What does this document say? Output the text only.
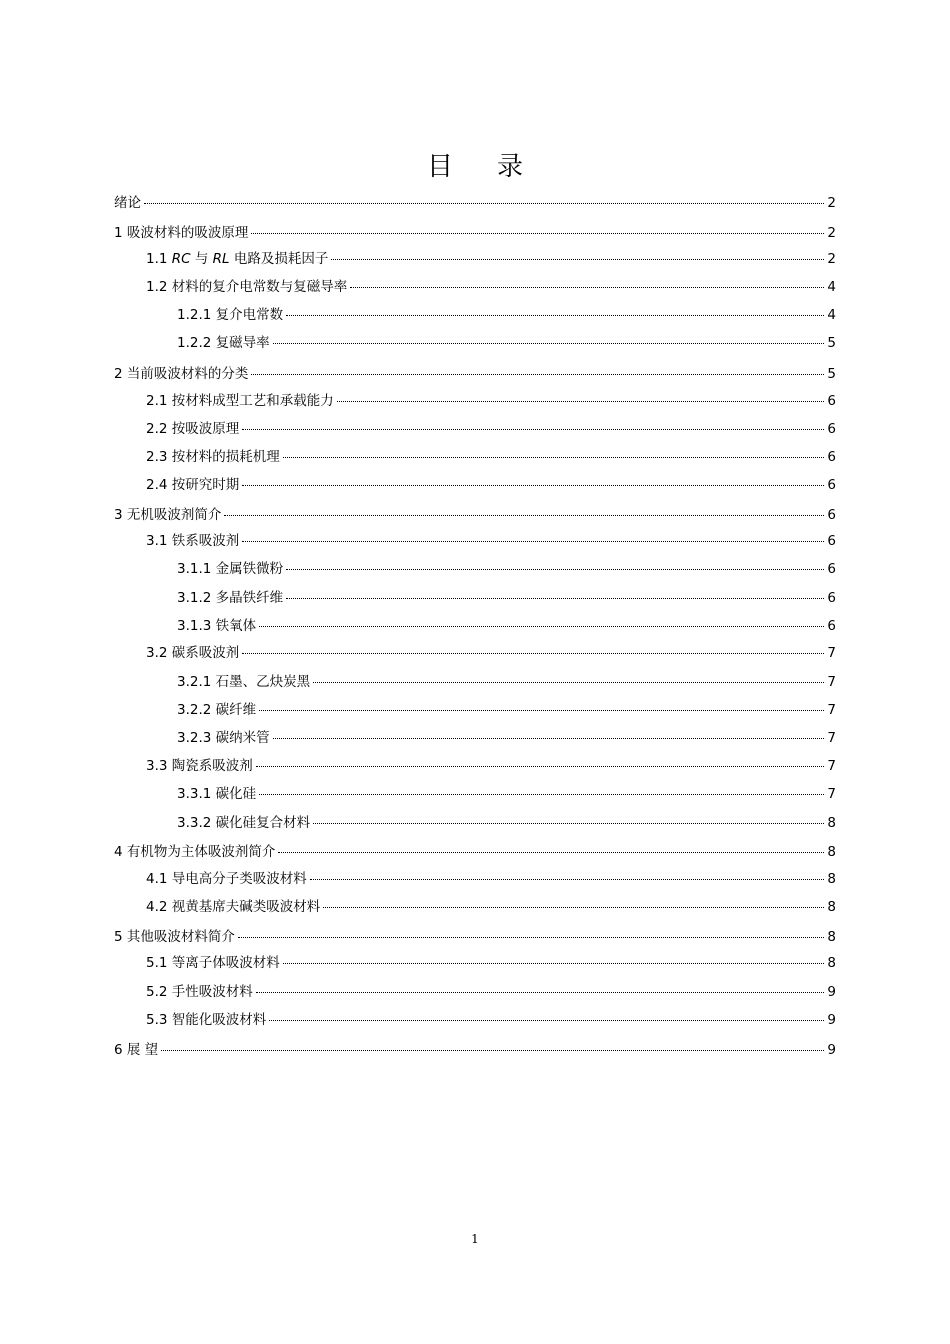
目 录
绪论	2
1 吸波材料的吸波原理	2
1.1 RC 与 RL 电路及损耗因子	2
1.2 材料的复介电常数与复磁导率	4
1.2.1 复介电常数	4
1.2.2 复磁导率	5
2 当前吸波材料的分类	5
2.1 按材料成型工艺和承载能力	6
2.2 按吸波原理	6
2.3 按材料的损耗机理	6
2.4 按研究时期	6
3 无机吸波剂简介	6
3.1 铁系吸波剂	6
3.1.1 金属铁微粉	6
3.1.2 多晶铁纤维	6
3.1.3 铁氧体	6
3.2 碳系吸波剂	7
3.2.1 石墨、乙炔炭黑	7
3.2.2 碳纤维	7
3.2.3 碳纳米管	7
3.3 陶瓷系吸波剂	7
3.3.1 碳化硅	7
3.3.2 碳化硅复合材料	8
4 有机物为主体吸波剂简介	8
4.1 导电高分子类吸波材料	8
4.2 视黄基席夫碱类吸波材料	8
5 其他吸波材料简介	8
5.1 等离子体吸波材料	8
5.2 手性吸波材料	9
5.3 智能化吸波材料	9
6 展 望	9
1
